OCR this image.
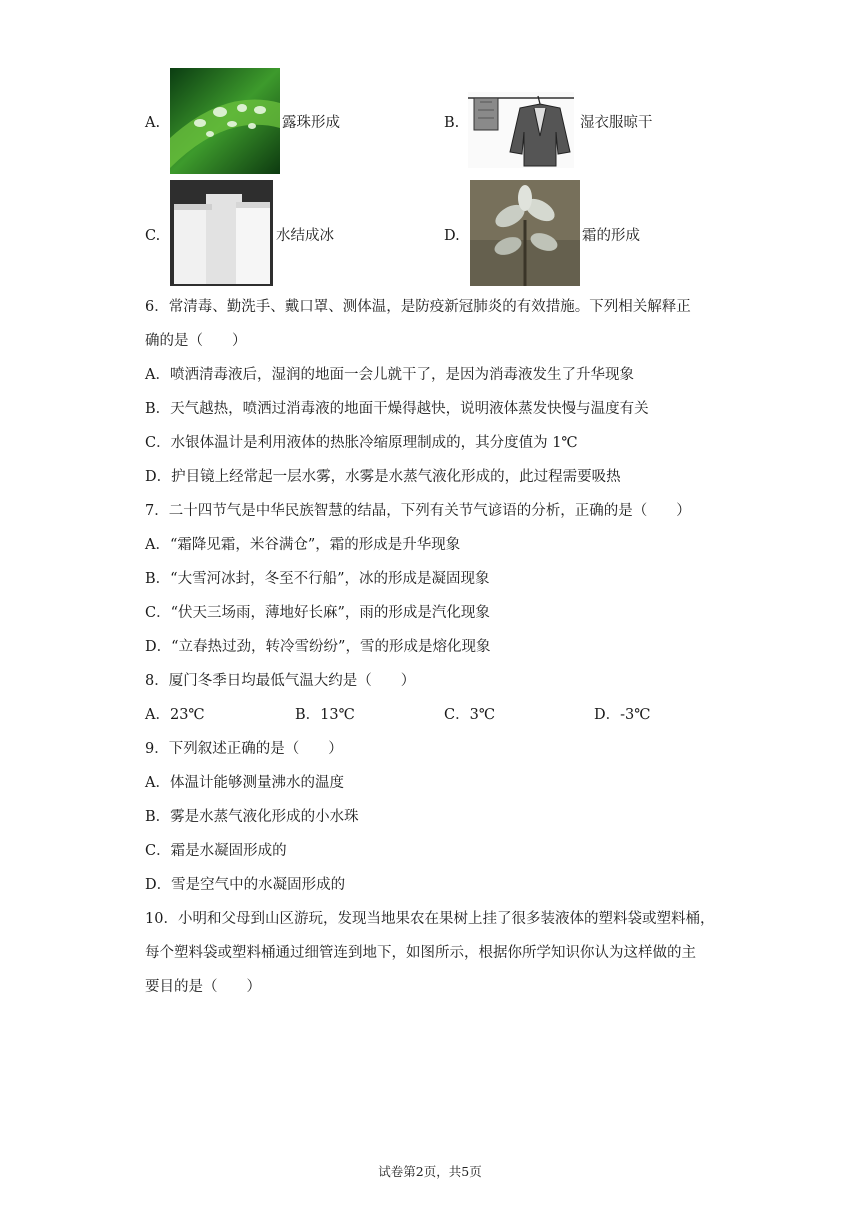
A.	露珠形成	B.	湿衣服晾干
C.	水结成冰	D.	霜的形成
6．常清毒、勤洗手、戴口罩、测体温，是防疫新冠肺炎的有效措施。下列相关解释正
确的是（　　）
A．喷洒清毒液后，湿润的地面一会儿就干了，是因为消毒液发生了升华现象
B．天气越热，喷洒过消毒液的地面干燥得越快，说明液体蒸发快慢与温度有关
C．水银体温计是利用液体的热胀冷缩原理制成的，其分度值为 1℃
D．护目镜上经常起一层水雾，水雾是水蒸气液化形成的，此过程需要吸热
7．二十四节气是中华民族智慧的结晶，下列有关节气谚语的分析，正确的是（　　）
A．“霜降见霜，米谷满仓”，霜的形成是升华现象
B．“大雪河冰封，冬至不行船”，冰的形成是凝固现象
C．“伏天三场雨，薄地好长麻”，雨的形成是汽化现象
D．“立春热过劲，转冷雪纷纷”，雪的形成是熔化现象
8．厦门冬季日均最低气温大约是（　　）
A．23℃	B．13℃	C．3℃	D．-3℃
9．下列叙述正确的是（　　）
A．体温计能够测量沸水的温度
B．雾是水蒸气液化形成的小水珠
C．霜是水凝固形成的
D．雪是空气中的水凝固形成的
10．小明和父母到山区游玩，发现当地果农在果树上挂了很多装液体的塑料袋或塑料桶，
每个塑料袋或塑料桶通过细管连到地下，如图所示，根据你所学知识你认为这样做的主
要目的是（　　）
试卷第2页，共5页
